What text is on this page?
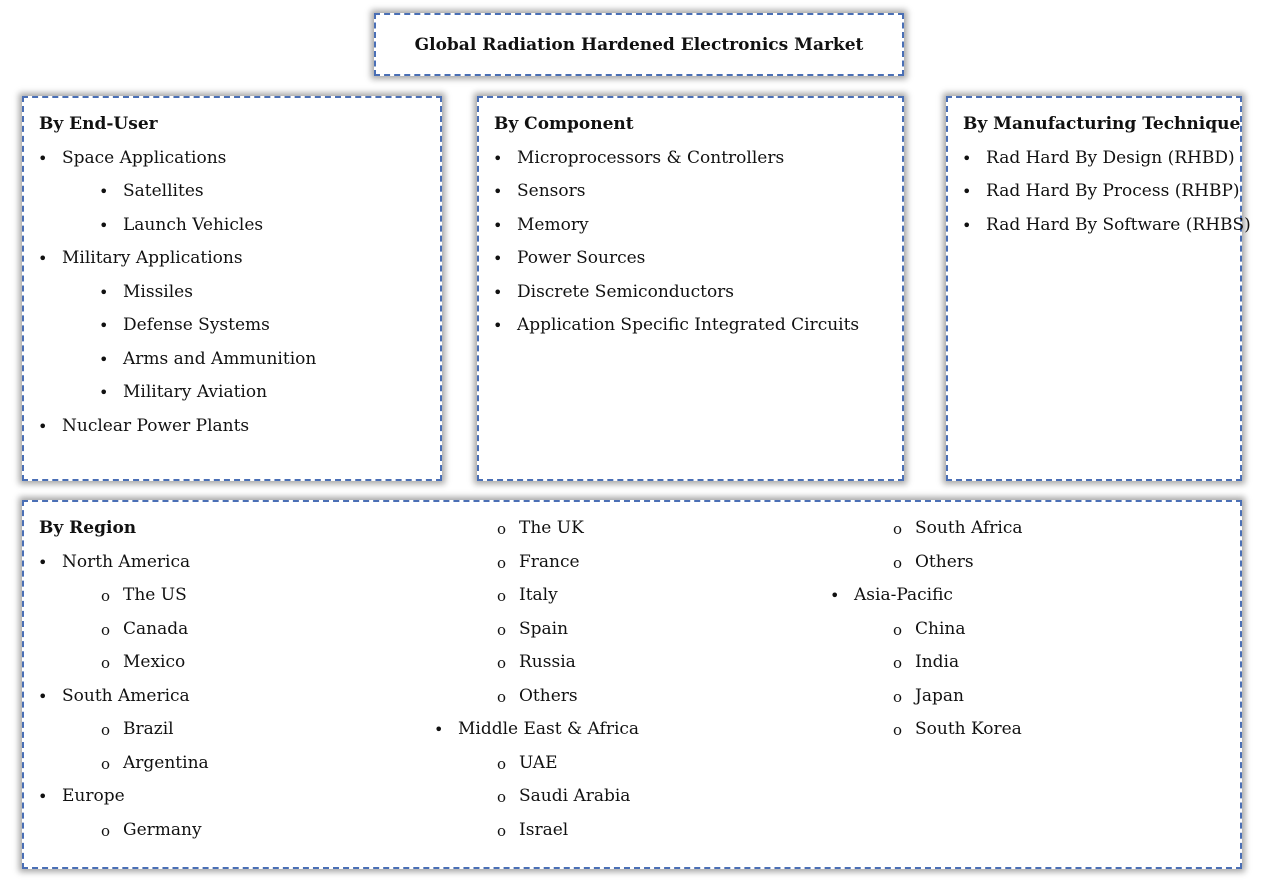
Global Radiation Hardened Electronics Market
By End-User
• Space Applications
• Satellites
• Launch Vehicles
• Military Applications
• Missiles
• Defense Systems
• Arms and Ammunition
• Military Aviation
• Nuclear Power Plants
By Component
• Microprocessors & Controllers
• Sensors
• Memory
• Power Sources
• Discrete Semiconductors
• Application Specific Integrated Circuits
By Manufacturing Technique
• Rad Hard By Design (RHBD)
• Rad Hard By Process (RHBP)
• Rad Hard By Software (RHBS)
By Region
• North America
o The US
o Canada
o Mexico
• South America
o Brazil
o Argentina
• Europe
o Germany
o The UK
o France
o Italy
o Spain
o Russia
o Others
• Middle East & Africa
o UAE
o Saudi Arabia
o Israel
o South Africa
o Others
• Asia-Pacific
o China
o India
o Japan
o South Korea
